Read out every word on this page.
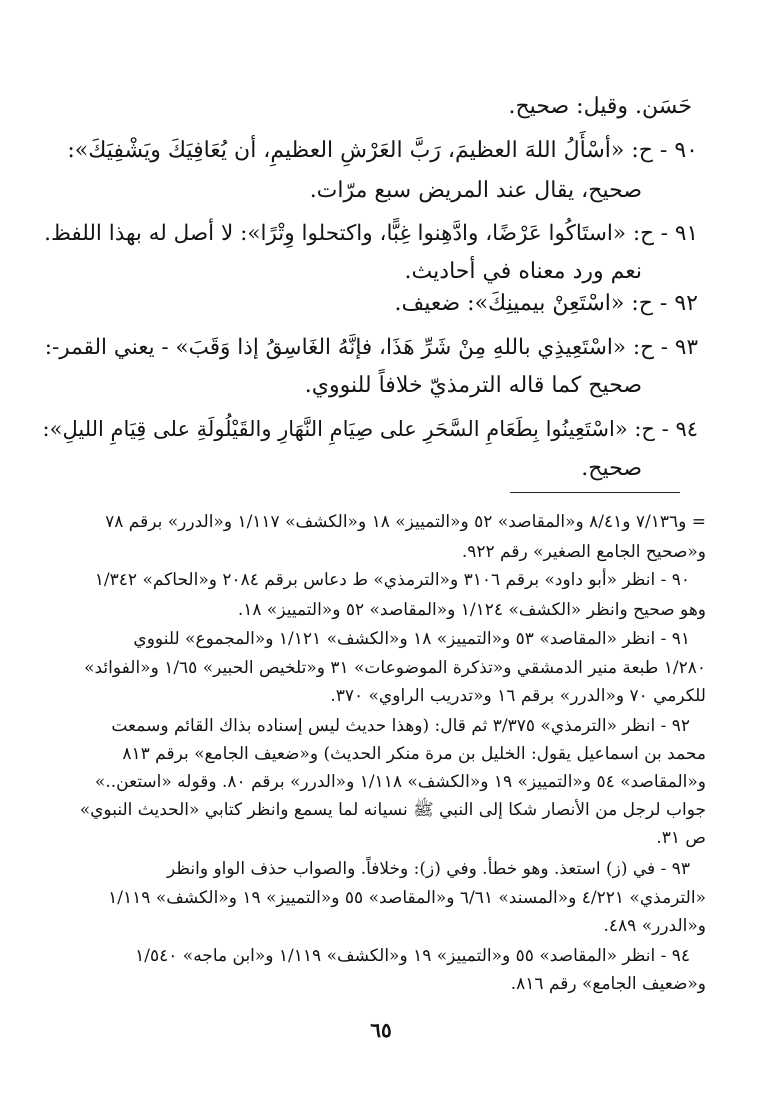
حَسَن. وقيل: صحيح.
٩٠ - ح: «أسْأَلُ اللهَ العظيمَ، رَبَّ العَرْشِ العظيمِ، أن يُعَافِيَكَ ويَشْفِيَكَ»:
صحيح، يقال عند المريض سبع مرّات.
٩١ - ح: «استَاكُوا عَرْضًا، وادَّهِنوا غِبًّا، واكتحلوا وِتْرًا»: لا أصل له بهذا اللفظ.
نعم ورد معناه في أحاديث.
٩٢ - ح: «اسْتَعِنْ بيمينِكَ»: ضعيف.
٩٣ - ح: «اسْتَعِيذِي باللهِ مِنْ شَرِّ هَذَا، فإنَّهُ الغَاسِقُ إذا وَقَبَ» - يعني القمر-:
صحيح كما قاله الترمذيّ خلافاً للنووي.
٩٤ - ح: «اسْتَعِينُوا بِطَعَامِ السَّحَرِ على صِيَامِ النَّهَارِ والقَيْلُولَةِ على قِيَامِ الليلِ»:
صحيح.
= و٧/١٣٦ و٨/٤١ و«المقاصد» ٥٢ و«التمييز» ١٨ و«الكشف» ١/١١٧ و«الدرر» برقم ٧٨
و«صحيح الجامع الصغير» رقم ٩٢٢.
٩٠ - انظر «أبو داود» برقم ٣١٠٦ و«الترمذي» ط دعاس برقم ٢٠٨٤ و«الحاكم» ١/٣٤٢
وهو صحيح وانظر «الكشف» ١/١٢٤ و«المقاصد» ٥٢ و«التمييز» ١٨.
٩١ - انظر «المقاصد» ٥٣ و«التمييز» ١٨ و«الكشف» ١/١٢١ و«المجموع» للنووي
١/٢٨٠ طبعة منير الدمشقي و«تذكرة الموضوعات» ٣١ و«تلخيص الحبير» ١/٦٥ و«الفوائد»
للكرمي ٧٠ و«الدرر» برقم ١٦ و«تدريب الراوي» ٣٧٠.
٩٢ - انظر «الترمذي» ٣/٣٧٥ ثم قال: (وهذا حديث ليس إسناده بذاك القائم وسمعت
محمد بن اسماعيل يقول: الخليل بن مرة منكر الحديث) و«ضعيف الجامع» برقم ٨١٣
و«المقاصد» ٥٤ و«التمييز» ١٩ و«الكشف» ١/١١٨ و«الدرر» برقم ٨٠. وقوله «استعن..»
جواب لرجل من الأنصار شكا إلى النبي ﷺ نسيانه لما يسمع وانظر كتابي «الحديث النبوي»
ص ٣١.
٩٣ - في (ز) استعذ. وهو خطأ. وفي (ز): وخلافاً. والصواب حذف الواو وانظر
«الترمذي» ٤/٢٢١ و«المسند» ٦/٦١ و«المقاصد» ٥٥ و«التمييز» ١٩ و«الكشف» ١/١١٩
و«الدرر» ٤٨٩.
٩٤ - انظر «المقاصد» ٥٥ و«التمييز» ١٩ و«الكشف» ١/١١٩ و«ابن ماجه» ١/٥٤٠
و«ضعيف الجامع» رقم ٨١٦.
٦٥
